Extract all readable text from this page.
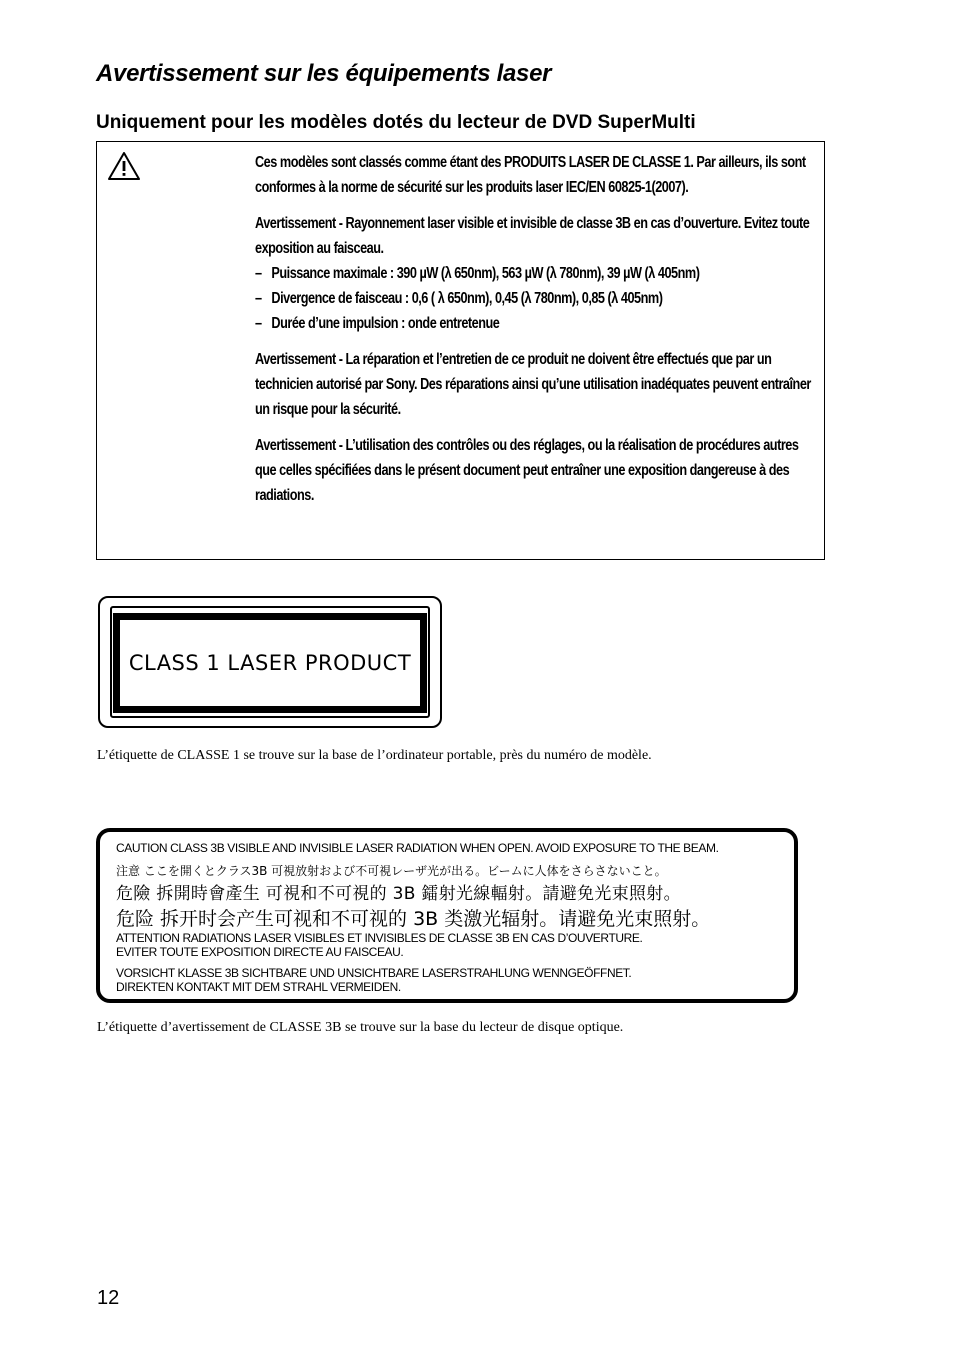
Avertissement sur les équipements laser
Uniquement pour les modèles dotés du lecteur de DVD SuperMulti

Ces modèles sont classés comme étant des PRODUITS LASER DE CLASSE 1. Par ailleurs, ils sont conformes à la norme de sécurité sur les produits laser IEC/EN 60825-1(2007).

Avertissement - Rayonnement laser visible et invisible de classe 3B en cas d’ouverture. Evitez toute exposition au faisceau.

– Puissance maximale : 390 µW (λ 650nm), 563 µW (λ 780nm), 39 µW (λ 405nm)
– Divergence de faisceau : 0,6 ( λ 650nm), 0,45 (λ 780nm), 0,85 (λ 405nm)
– Durée d’une impulsion : onde entretenue

Avertissement - La réparation et l’entretien de ce produit ne doivent être effectués que par un technicien autorisé par Sony. Des réparations ainsi qu’une utilisation inadéquates peuvent entraîner un risque pour la sécurité.

Avertissement - L’utilisation des contrôles ou des réglages, ou la réalisation de procédures autres que celles spécifiées dans le présent document peut entraîner une exposition dangereuse à des radiations.

CLASS 1 LASER PRODUCT
L’étiquette de CLASSE 1 se trouve sur la base de l’ordinateur portable, près du numéro de modèle.
CAUTION CLASS 3B VISIBLE AND INVISIBLE LASER RADIATION WHEN OPEN. AVOID EXPOSURE TO THE BEAM.
注意 ここを開くとクラス3B 可視放射および不可視レーザ光が出る。ビームに人体をさらさないこと。
危險 拆開時會產生 可視和不可視的 3B 鐳射光線輻射。請避免光束照射。
危险 拆开时会产生可视和不可视的 3B 类激光辐射。请避免光束照射。
ATTENTION RADIATIONS LASER VISIBLES ET INVISIBLES DE CLASSE 3B EN CAS D’OUVERTURE.
EVITER TOUTE EXPOSITION DIRECTE AU FAISCEAU.
VORSICHT KLASSE 3B SICHTBARE UND UNSICHTBARE LASERSTRAHLUNG WENNGEÖFFNET.
DIREKTEN KONTAKT MIT DEM STRAHL VERMEIDEN.
L’étiquette d’avertissement de CLASSE 3B se trouve sur la base du lecteur de disque optique.
12
